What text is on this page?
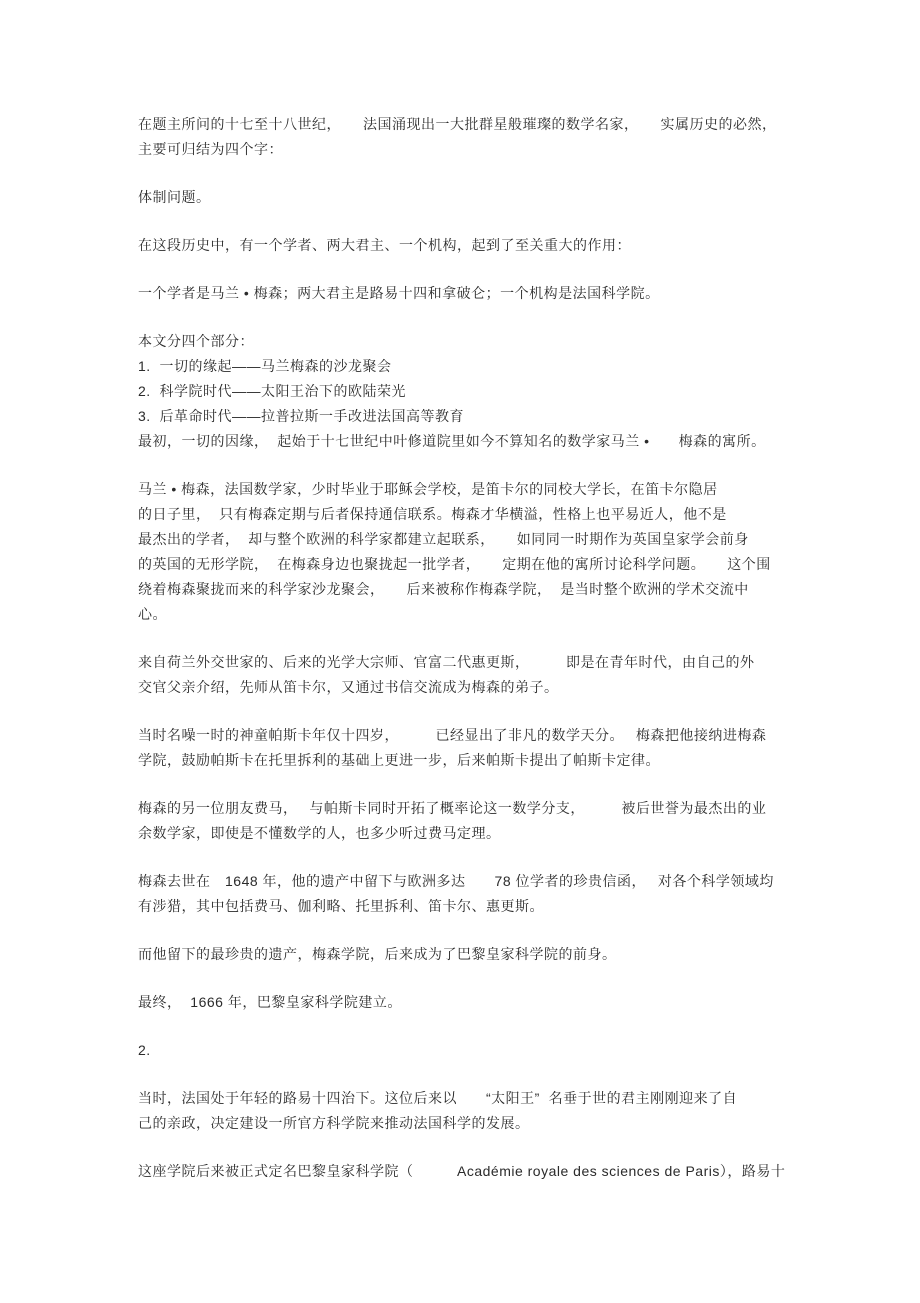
在题主所问的十七至十八世纪，　　法国涌现出一大批群星般璀璨的数学名家，　　实属历史的必然，
主要可归结为四个字：
体制问题。
在这段历史中，有一个学者、两大君主、一个机构，起到了至关重大的作用：
一个学者是马兰 • 梅森；两大君主是路易十四和拿破仑；一个机构是法国科学院。
本文分四个部分：
1.  一切的缘起——马兰梅森的沙龙聚会
2.  科学院时代——太阳王治下的欧陆荣光
3.  后革命时代——拉普拉斯一手改进法国高等教育
最初，一切的因缘，  起始于十七世纪中叶修道院里如今不算知名的数学家马兰 •　　梅森的寓所。
马兰 • 梅森，法国数学家，少时毕业于耶稣会学校，是笛卡尔的同校大学长，在笛卡尔隐居
的日子里，  只有梅森定期与后者保持通信联系。梅森才华横溢，性格上也平易近人，他不是
最杰出的学者，  却与整个欧洲的科学家都建立起联系，　　如同同一时期作为英国皇家学会前身
的英国的无形学院，  在梅森身边也聚拢起一批学者，　　定期在他的寓所讨论科学问题。　　这个围
绕着梅森聚拢而来的科学家沙龙聚会，　　后来被称作梅森学院，  是当时整个欧洲的学术交流中
心。
来自荷兰外交世家的、后来的光学大宗师、官富二代惠更斯，　　　即是在青年时代，由自己的外
交官父亲介绍，先师从笛卡尔，又通过书信交流成为梅森的弟子。
当时名噪一时的神童帕斯卡年仅十四岁，　　　已经显出了非凡的数学天分。　 梅森把他接纳进梅森
学院，鼓励帕斯卡在托里拆利的基础上更进一步，后来帕斯卡提出了帕斯卡定律。
梅森的另一位朋友费马，　 与帕斯卡同时开拓了概率论这一数学分支，　　　被后世誉为最杰出的业
余数学家，即使是不懂数学的人，也多少听过费马定理。
梅森去世在　1648 年，他的遗产中留下与欧洲多达　　78 位学者的珍贵信函，　 对各个科学领域均
有涉猎，其中包括费马、伽利略、托里拆利、笛卡尔、惠更斯。
而他留下的最珍贵的遗产，梅森学院，后来成为了巴黎皇家科学院的前身。
最终，  1666 年，巴黎皇家科学院建立。
2.
当时，法国处于年轻的路易十四治下。这位后来以　　“太阳王”  名垂于世的君主刚刚迎来了自
己的亲政，决定建设一所官方科学院来推动法国科学的发展。
这座学院后来被正式定名巴黎皇家科学院（　　　Académie royale des sciences de Paris），路易十
